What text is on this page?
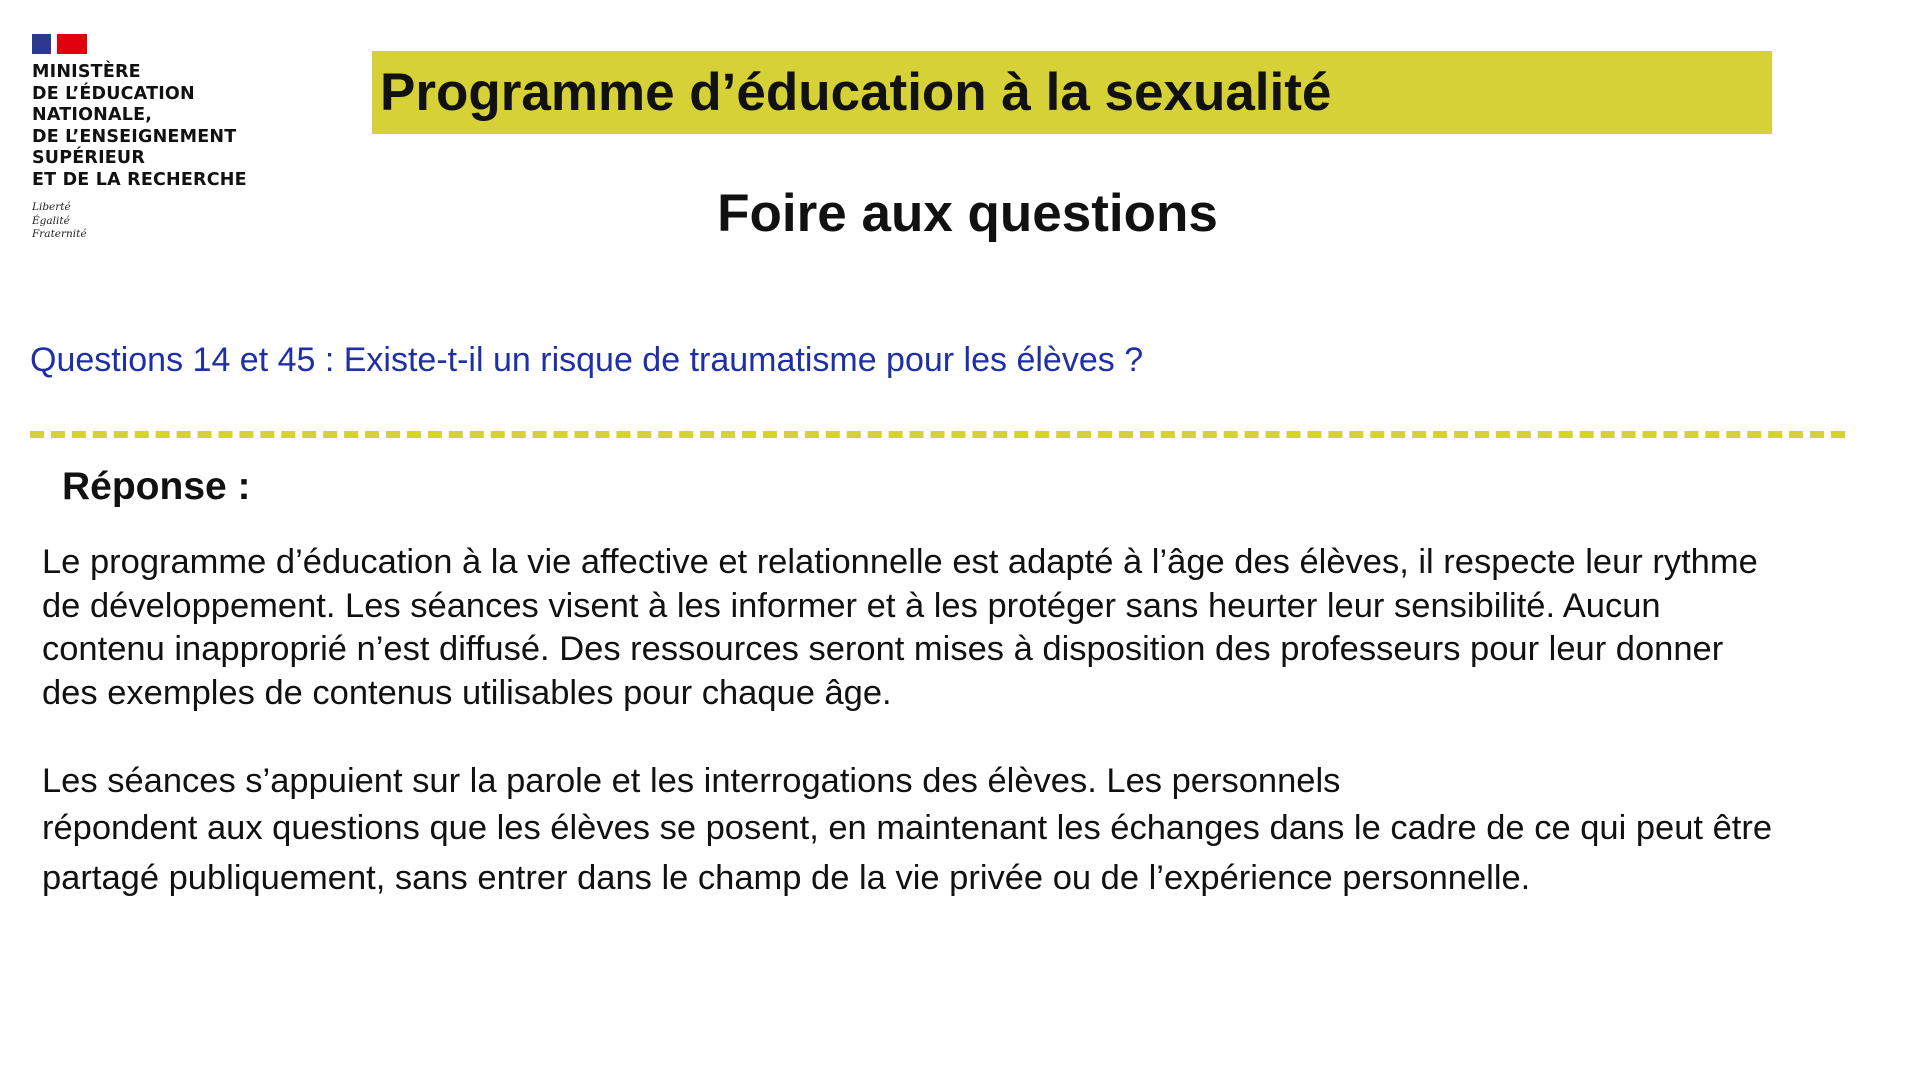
MINISTÈRE
DE L’ÉDUCATION
NATIONALE,
DE L’ENSEIGNEMENT
SUPÉRIEUR
ET DE LA RECHERCHE
Liberté
Égalité
Fraternité
Programme d’éducation à la sexualité
Foire aux questions

Questions 14 et 45 : Existe-t-il un risque de traumatisme pour les élèves ?

Réponse :

Le programme d’éducation à la vie affective et relationnelle est adapté à l’âge des élèves, il respecte leur rythme
de développement. Les séances visent à les informer et à les protéger sans heurter leur sensibilité. Aucun
contenu inapproprié n’est diffusé. Des ressources seront mises à disposition des professeurs pour leur donner
des exemples de contenus utilisables pour chaque âge.

Les séances s’appuient sur la parole et les interrogations des élèves. Les personnels
répondent aux questions que les élèves se posent, en maintenant les échanges dans le cadre de ce qui peut être
partagé publiquement, sans entrer dans le champ de la vie privée ou de l’expérience personnelle.
